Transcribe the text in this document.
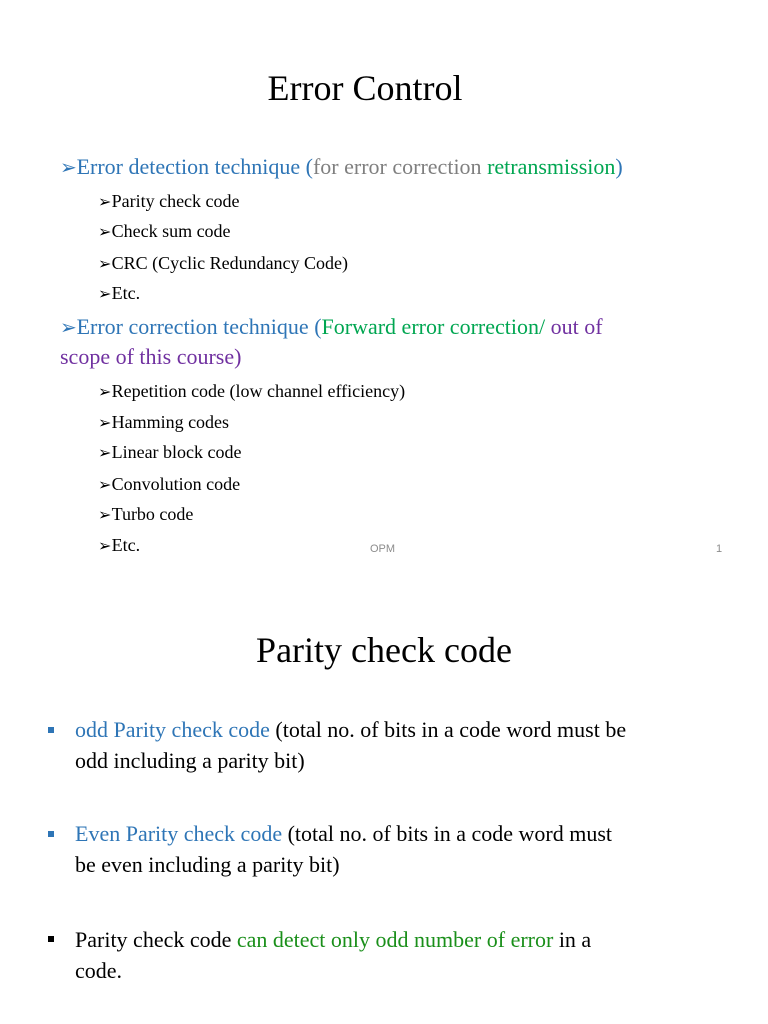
Error Control
➢Error detection technique (for error correction retransmission)
➢Parity check code
➢Check sum code
➢CRC (Cyclic Redundancy Code)
➢Etc.
➢Error correction technique (Forward error correction/ out of
scope of this course)
➢Repetition code (low channel efficiency)
➢Hamming codes
➢Linear block code
➢Convolution code
➢Turbo code
➢Etc.	OPM	1
Parity check code
odd Parity check code (total no. of bits in a code word must be
odd including a parity bit)
Even Parity check code (total no. of bits in a code word must
be even including a parity bit)
Parity check code can detect only odd number of error in a
code.
